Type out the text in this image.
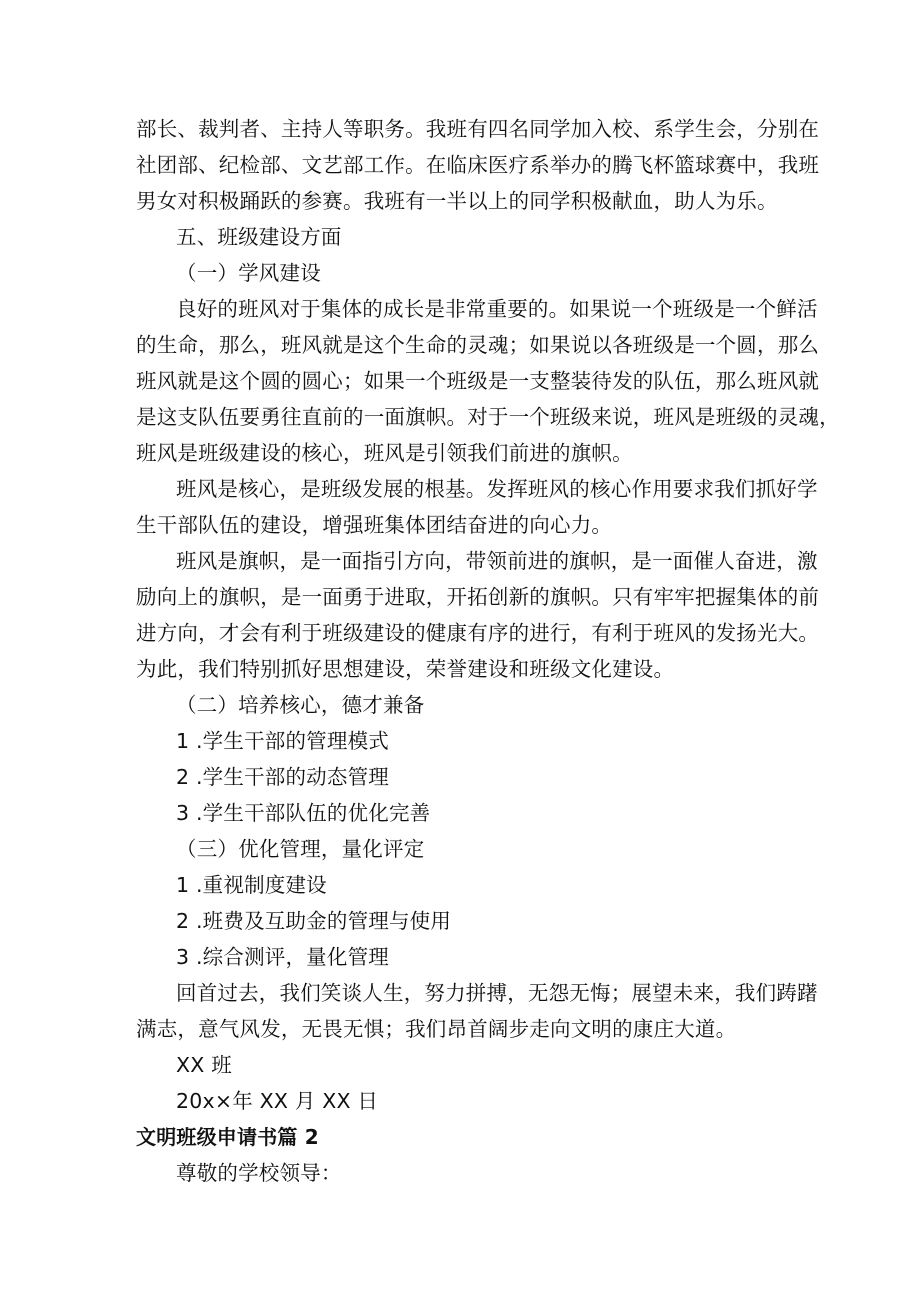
部长、裁判者、主持人等职务。我班有四名同学加入校、系学生会，分别在
社团部、纪检部、文艺部工作。在临床医疗系举办的腾飞杯篮球赛中，我班
男女对积极踊跃的参赛。我班有一半以上的同学积极献血，助人为乐。
五、班级建设方面
（一）学风建设
良好的班风对于集体的成长是非常重要的。如果说一个班级是一个鲜活
的生命，那么，班风就是这个生命的灵魂；如果说以各班级是一个圆，那么
班风就是这个圆的圆心；如果一个班级是一支整装待发的队伍，那么班风就
是这支队伍要勇往直前的一面旗帜。对于一个班级来说，班风是班级的灵魂，
班风是班级建设的核心，班风是引领我们前进的旗帜。
班风是核心，是班级发展的根基。发挥班风的核心作用要求我们抓好学
生干部队伍的建设，增强班集体团结奋进的向心力。
班风是旗帜，是一面指引方向，带领前进的旗帜，是一面催人奋进，激
励向上的旗帜，是一面勇于进取，开拓创新的旗帜。只有牢牢把握集体的前
进方向，才会有利于班级建设的健康有序的进行，有利于班风的发扬光大。
为此，我们特别抓好思想建设，荣誉建设和班级文化建设。
（二）培养核心，德才兼备
1 .学生干部的管理模式
2 .学生干部的动态管理
3 .学生干部队伍的优化完善
（三）优化管理，量化评定
1 .重视制度建设
2 .班费及互助金的管理与使用
3 .综合测评，量化管理
回首过去，我们笑谈人生，努力拼搏，无怨无悔；展望未来，我们踌躇
满志，意气风发，无畏无惧；我们昂首阔步走向文明的康庄大道。
XX 班
20x×年 XX 月 XX 日
文明班级申请书篇 2
尊敬的学校领导：
